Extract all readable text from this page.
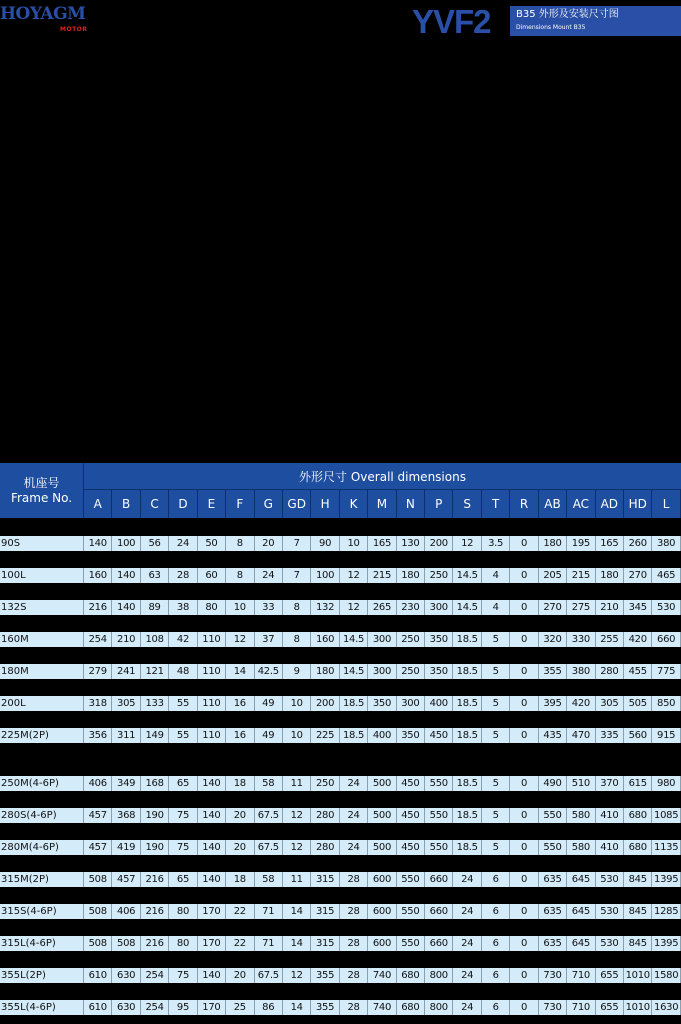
HOYAGM
MOTOR	YVF2	B35 外形及安装尺寸图
Dimensions Mount B35
机座号
Frame No.
外形尺寸 Overall dimensions
A	B	C	D	E	F	G	GD	H	K	M	N	P	S	T	R	AB	AC AD HD	L
90S	140	100	56	24	50	8	20	7	90	10	165	130	200	12	3.5	0	180	195	165	260	380
100L	160	140	63	28	60	8	24	7	100	12	215	180	250 14.5	4	0	205	215	180	270	465
132S	216	140	89	38	80	10	33	8	132	12	265	230	300 14.5	4	0	270	275	210	345	530
160M	254	210	108	42	110	12	37	8	160 14.5 300	250	350 18.5	5	0	320	330	255	420	660
180M	279	241	121	48	110	14	42.5	9	180 14.5 300	250	350 18.5	5	0	355	380	280	455	775
200L	318	305	133	55	110	16	49	10	200 18.5 350	300	400 18.5	5	0	395	420	305	505	850
225M(2P)	356	311	149	55	110	16	49	10	225 18.5 400	350	450 18.5	5	0	435	470	335	560	915
250M(4-6P)	406	349	168	65	140	18	58	11	250	24	500	450	550 18.5	5	0	490	510	370	615	980
280S(4-6P)	457	368	190	75	140	20	67.5	12	280	24	500	450	550 18.5	5	0	550	580	410	680 1085
280M(4-6P)	457	419	190	75	140	20	67.5	12	280	24	500	450	550 18.5	5	0	550	580	410	680 1135
315M(2P)	508	457	216	65	140	18	58	11	315	28	600	550	660	24	6	0	635	645	530	845 1395
315S(4-6P)	508	406	216	80	170	22	71	14	315	28	600	550	660	24	6	0	635	645	530	845 1285
315L(4-6P)	508	508	216	80	170	22	71	14	315	28	600	550	660	24	6	0	635	645	530	845 1395
355L(2P)	610	630	254	75	140	20	67.5	12	355	28	740	680	800	24	6	0	730	710	655 1010 1580
355L(4-6P)	610	630	254	95	170	25	86	14	355	28	740	680	800	24	6	0	730	710	655 1010 1630
